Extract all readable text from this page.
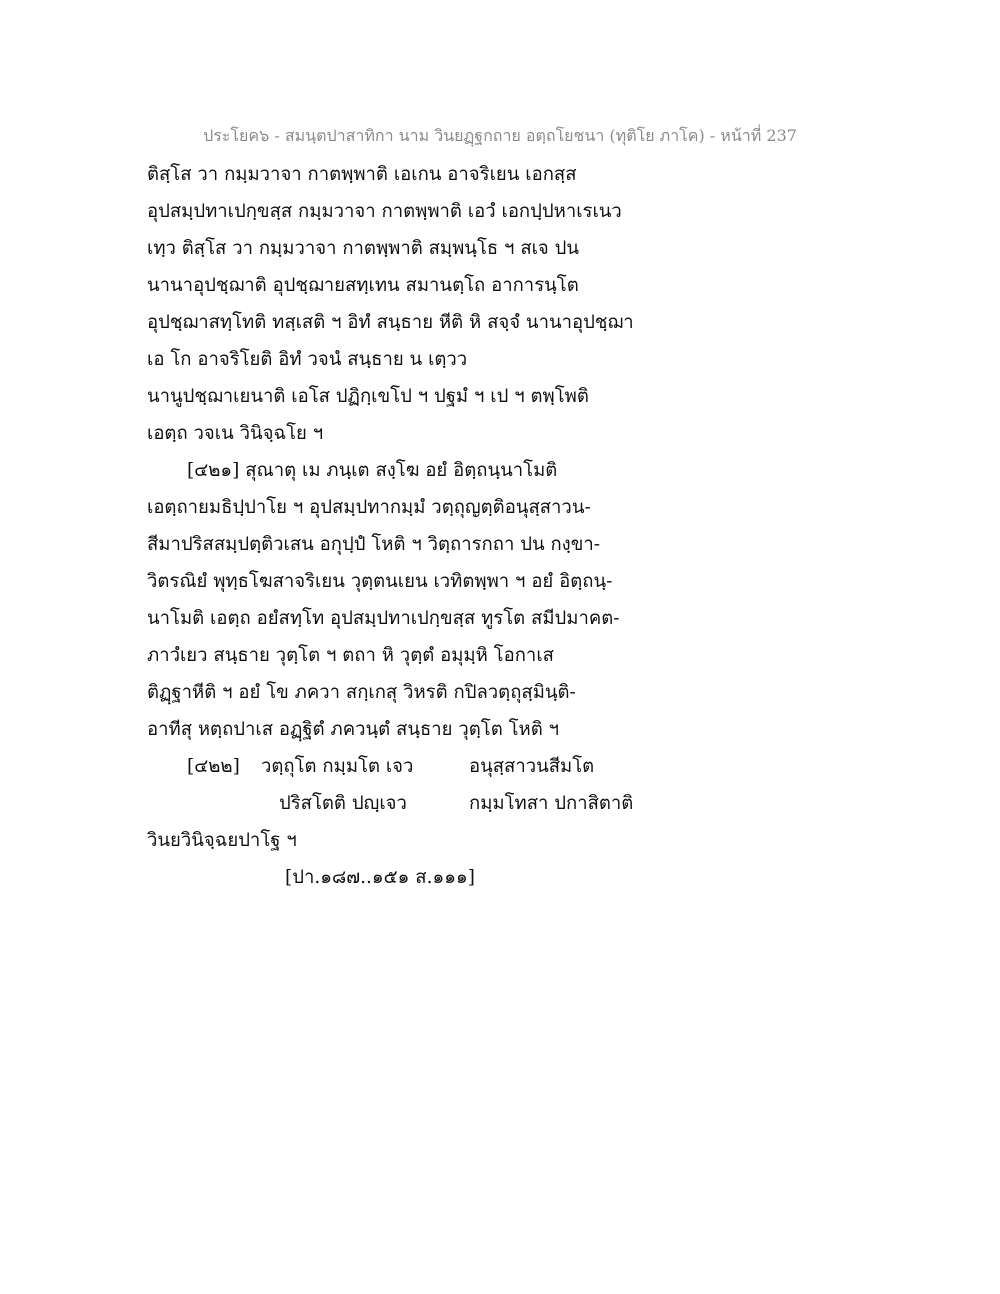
ประโยค๖ - สมนฺตปาสาทิกา นาม วินยฏฺฐกถาย อตฺถโยชนา (ทุติโย ภาโค) - หน้าที่ 237
ติสฺโส วา กมฺมวาจา กาตพฺพาติ เอเกน อาจริเยน เอกสฺส
อุปสมฺปทาเปกฺขสฺส กมฺมวาจา กาตพฺพาติ เอวํ เอกปฺปหาเรเนว
เทฺว ติสฺโส วา กมฺมวาจา กาตพฺพาติ สมฺพนฺโธ ฯ สเจ ปน
นานาอุปชฺฌาติ อุปชฺฌายสทฺเทน สมานตฺโถ อาการนฺโต
อุปชฺฌาสทฺโทติ ทสฺเสติ ฯ อิทํ สนฺธาย หีติ หิ สจฺจํ นานาอุปชฺฌา
เอ โก อาจริโยติ อิทํ วจนํ สนฺธาย น เตฺวว
นานูปชฺฌาเยนาติ เอโส ปฏิกฺเขโป ฯ ปฐมํ ฯ เป ฯ ตพฺโพติ
เอตฺถ วจเน วินิจฺฉโย ฯ
[๔๒๑] สุณาตุ เม ภนฺเต สงฺโฆ อยํ อิตฺถนฺนาโมติ
เอตฺถายมธิปฺปาโย ฯ อุปสมฺปทากมฺมํ วตฺถุญตฺติอนุสฺสาวน-
สีมาปริสสมฺปตฺติวเสน อกุปฺปํ โหติ ฯ วิตฺถารกถา ปน กงฺขา-
วิตรณิยํ พุทฺธโฆสาจริเยน วุตฺตนเยน เวทิตพฺพา ฯ อยํ อิตฺถนฺ-
นาโมติ เอตฺถ อยํสทฺโท อุปสมฺปทาเปกฺขสฺส ทูรโต สมีปมาคต-
ภาวํเยว สนฺธาย วุตฺโต ฯ ตถา หิ วุตฺตํ อมุมฺหิ โอกาเส
ติฏฺฐาหีติ ฯ อยํ โข ภควา สกฺเกสุ วิหรติ กปิลวตฺถุสฺมินฺติ-
อาทีสุ หตฺถปาเส อฏฺฐิตํ ภควนฺตํ สนฺธาย วุตฺโต โหติ ฯ
[๔๒๒] วตฺถุโต กมฺมโต เจว	อนุสฺสาวนสีมโต
ปริสโตติ ปญฺเจว	กมฺมโทสา ปกาสิตาติ
วินยวินิจฺฉยปาโฐ ฯ
[ปา.๑๘๗..๑๕๑ ส.๑๑๑]
